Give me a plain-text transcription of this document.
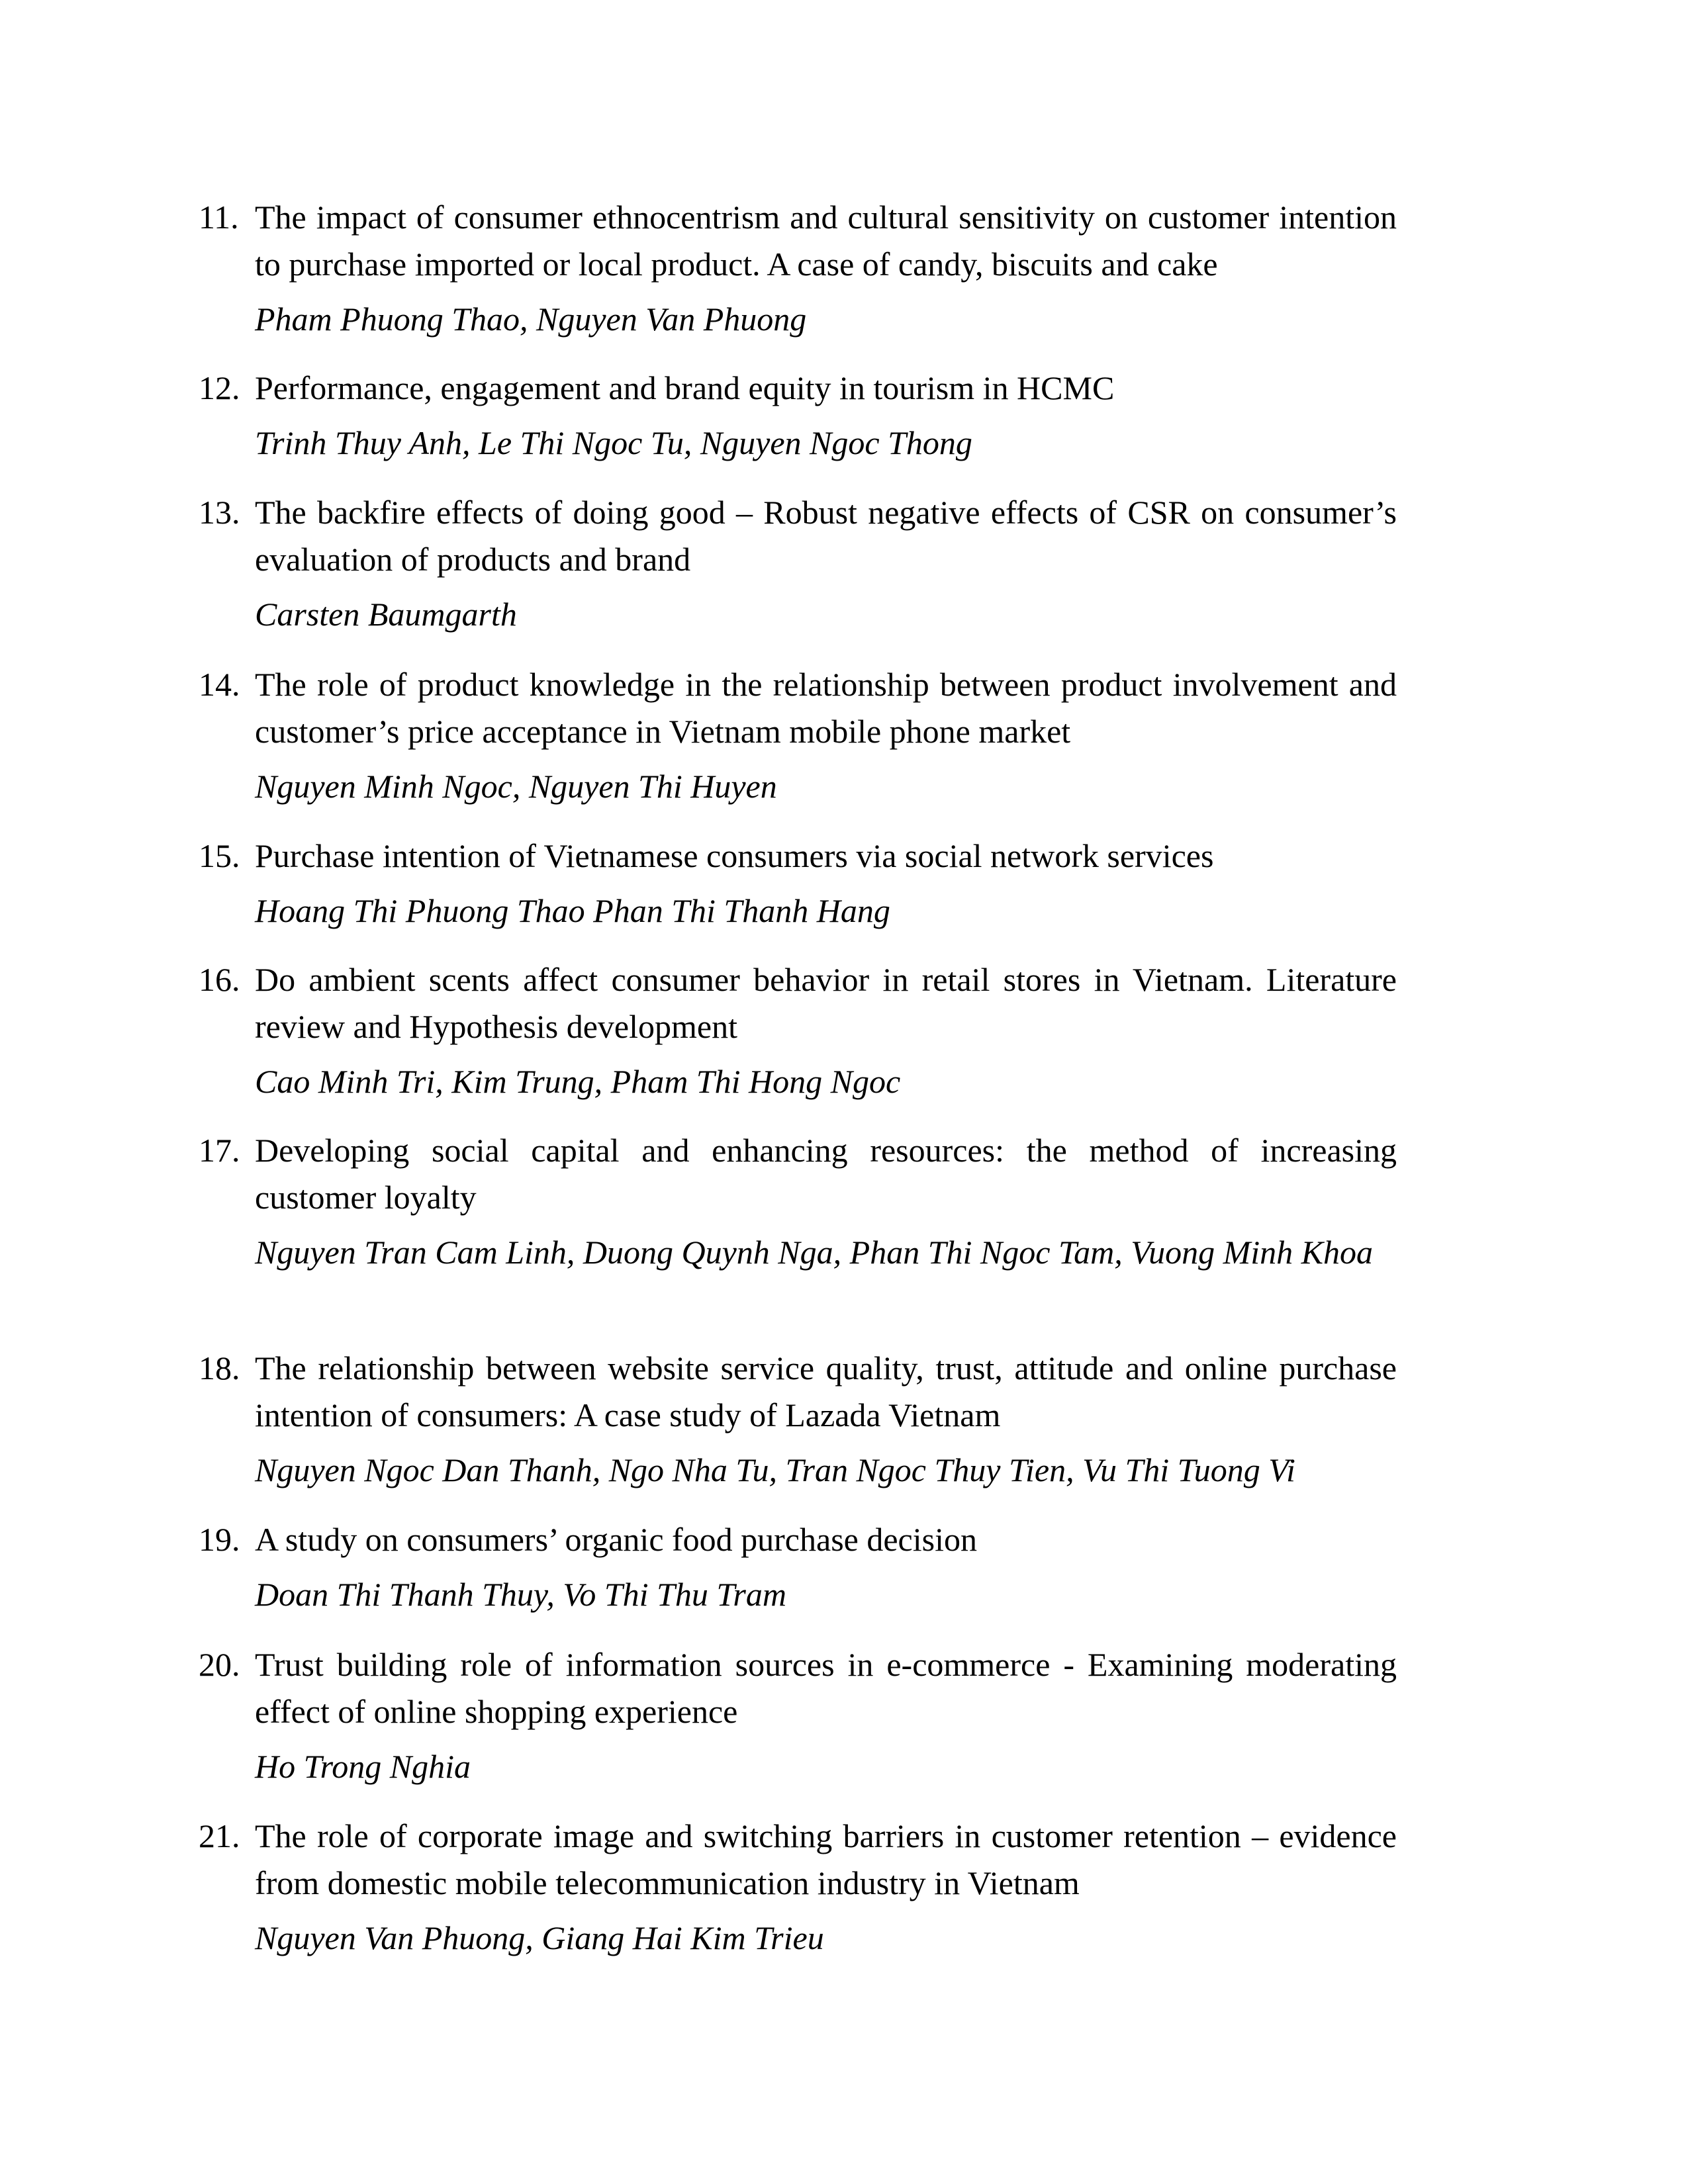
11. The impact of consumer ethnocentrism and cultural sensitivity on customer intention to purchase imported or local product. A case of candy, biscuits and cake
Pham Phuong Thao, Nguyen Van Phuong
12. Performance, engagement and brand equity in tourism in HCMC
Trinh Thuy Anh, Le Thi Ngoc Tu, Nguyen Ngoc Thong
13. The backfire effects of doing good – Robust negative effects of CSR on consumer’s evaluation of products and brand
Carsten Baumgarth
14. The role of product knowledge in the relationship between product involvement and customer’s price acceptance in Vietnam mobile phone market
Nguyen Minh Ngoc, Nguyen Thi Huyen
15. Purchase intention of Vietnamese consumers via social network services
Hoang Thi Phuong Thao Phan Thi Thanh Hang
16. Do ambient scents affect consumer behavior in retail stores in Vietnam. Literature review and Hypothesis development
Cao Minh Tri, Kim Trung, Pham Thi Hong Ngoc
17. Developing social capital and enhancing resources: the method of increasing customer loyalty
Nguyen Tran Cam Linh, Duong Quynh Nga, Phan Thi Ngoc Tam, Vuong Minh Khoa
18. The relationship between website service quality, trust, attitude and online purchase intention of consumers: A case study of Lazada Vietnam
Nguyen Ngoc Dan Thanh, Ngo Nha Tu, Tran Ngoc Thuy Tien, Vu Thi Tuong Vi
19. A study on consumers’ organic food purchase decision
Doan Thi Thanh Thuy, Vo Thi Thu Tram
20. Trust building role of information sources in e-commerce - Examining moderating effect of online shopping experience
Ho Trong Nghia
21. The role of corporate image and switching barriers in customer retention – evidence from domestic mobile telecommunication industry in Vietnam
Nguyen Van Phuong, Giang Hai Kim Trieu
